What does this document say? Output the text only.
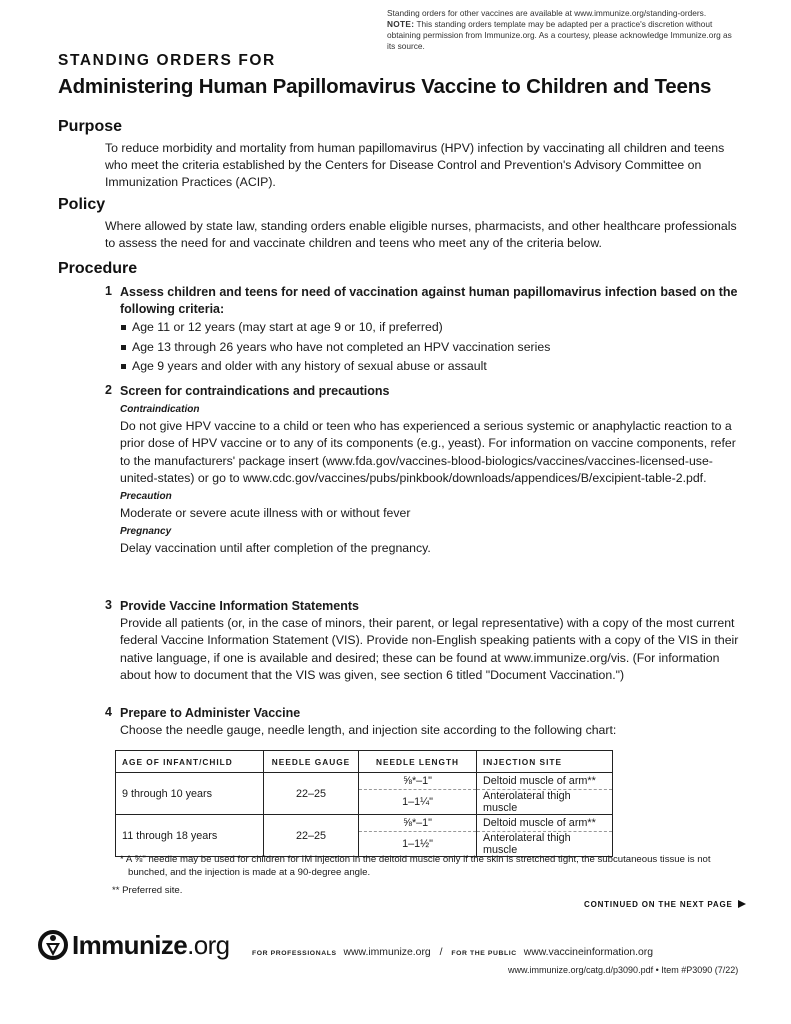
Standing orders for other vaccines are available at www.immunize.org/standing-orders.
NOTE: This standing orders template may be adapted per a practice's discretion without obtaining permission from Immunize.org. As a courtesy, please acknowledge Immunize.org as its source.
STANDING ORDERS FOR
Administering Human Papillomavirus Vaccine to Children and Teens
Purpose
To reduce morbidity and mortality from human papillomavirus (HPV) infection by vaccinating all children and teens who meet the criteria established by the Centers for Disease Control and Prevention's Advisory Committee on Immunization Practices (ACIP).
Policy
Where allowed by state law, standing orders enable eligible nurses, pharmacists, and other healthcare professionals to assess the need for and vaccinate children and teens who meet any of the criteria below.
Procedure
1 Assess children and teens for need of vaccination against human papillomavirus infection based on the following criteria:
Age 11 or 12 years (may start at age 9 or 10, if preferred)
Age 13 through 26 years who have not completed an HPV vaccination series
Age 9 years and older with any history of sexual abuse or assault
2 Screen for contraindications and precautions
Contraindication
Do not give HPV vaccine to a child or teen who has experienced a serious systemic or anaphylactic reaction to a prior dose of HPV vaccine or to any of its components (e.g., yeast). For information on vaccine components, refer to the manufacturers' package insert (www.fda.gov/vaccines-blood-biologics/vaccines/vaccines-licensed-use-united-states) or go to www.cdc.gov/vaccines/pubs/pinkbook/downloads/appendices/B/excipient-table-2.pdf.
Precaution
Moderate or severe acute illness with or without fever
Pregnancy
Delay vaccination until after completion of the pregnancy.
3 Provide Vaccine Information Statements
Provide all patients (or, in the case of minors, their parent, or legal representative) with a copy of the most current federal Vaccine Information Statement (VIS). Provide non-English speaking patients with a copy of the VIS in their native language, if one is available and desired; these can be found at www.immunize.org/vis. (For information about how to document that the VIS was given, see section 6 titled "Document Vaccination.")
4 Prepare to Administer Vaccine
Choose the needle gauge, needle length, and injection site according to the following chart:
AGE OF INFANT/CHILD	NEEDLE GAUGE	NEEDLE LENGTH	INJECTION SITE
9 through 10 years	22–25	⅝*–1"	Deltoid muscle of arm**
		1–1¼"	Anterolateral thigh muscle
11 through 18 years	22–25	⅝*–1"	Deltoid muscle of arm**
		1–1½"	Anterolateral thigh muscle
* A ⅝" needle may be used for children for IM injection in the deltoid muscle only if the skin is stretched tight, the subcutaneous tissue is not bunched, and the injection is made at a 90-degree angle.
** Preferred site.
CONTINUED ON THE NEXT PAGE
Immunize.org	FOR PROFESSIONALS www.immunize.org / FOR THE PUBLIC www.vaccineinformation.org
www.immunize.org/catg.d/p3090.pdf • Item #P3090 (7/22)
